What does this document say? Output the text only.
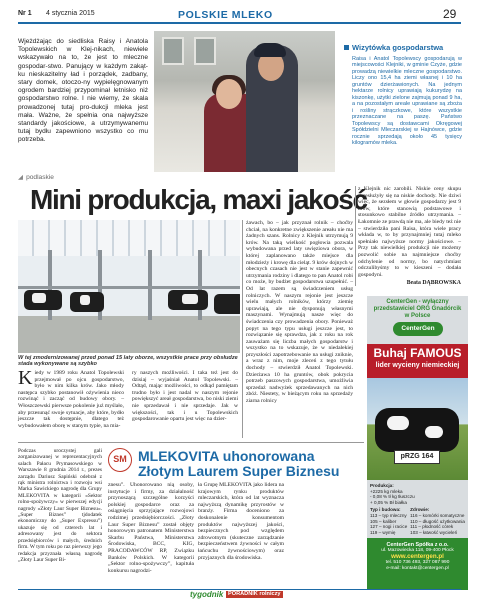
Nr 1 4 stycznia 2015	POLSKIE MLEKO	29
Wjeżdżając do siedliska Raisy i Anatola Topolewskich w Klej-nikach, niewiele wskazywało na to, że jest to mleczne gospodar-stwo. Panujący w każdym zakąt-ku nieskazitelny ład i porządek, zadbany, stary domek, otoczo-ny wypielęgnowanym ogrodem bardziej przypominał letnisko niż gospodarstwo rolne. I nie wiemy, że skala prowadzonej tutaj pro-dukcji mleka jest mała. Ważne, że spełnia ona najwyższe standardy jakościowe, a utrzymywanemu tutaj bydłu zapewniono wszystko co mu potrzeba.
Wizytówka gospodarstwa
Raisa i Anatol Topolewscy gospodarują w miejscowości Klejniki, w gminie Czyże, gdzie prowadzą niewielkie mleczne gospodarstwo. Liczy ono 15,4 ha ziemi własnej i 10 ha gruntów dzierżawionych. Na jednym hektarze rolnicy uprawiają kukurydzę na kiszonkę, użytki zielone zajmują ponad 9 ha, a na pozostałym areale uprawiane są zboża i rośliny strączkowe, które wszystkie przeznaczane na paszę. Państwo Topolewscy są dostawcami Okręgowej Spółdzielni Mleczarskiej w Hajnówce, gdzie rocznie sprzedają około 45 tysięcy kilogramów mleka.
◢ podlaskie
Mini produkcja, maxi jakość
W tej zmodernizowanej przed ponad 15 laty oborze, wszystkie prace przy obsłudze stada wykonywane są szybko
K iedy w 1989 roku Anatol Topolewski przejmował po ojcu gospodarstwo, było w nim kilka krów. Jako młody następca szybko postanowił ożywienia nieco rozwinąć i zacząć od budowy obory. – Włoszczewski pierwsze pokolenie już myślało, aby przesunąć swoje sytuacje, aby które, bydło jeszcze tak dostępnie, dlatego też wybudowałem oborę w stanym typie, na mia-
ry naszych możliwości. I taka też jest do dzisiaj – wyjaśniał Anatol Topolewski. – Odtąd, mając możliwości, to odkąd pamiętam trudno było i jest nadal w naszym rejonie powiększyć areał gospodarstwa, bo niski ziemi nie sprzedawał i nie sprzedaje. Jak w większości, tak i u Topolewskich gospodarowanie opartu jest więc na dzier-
żawach, bo – jak przyznał rolnik – choćby chciał, na konkretne zwiększenie areału nie ma żadnych szans. Rolnicy z Klejnik utrzymują 9 krów. Na taką wielkość pogłowia pozwala wybudowana przed laty uwięziowa obora, w której zaplanowano także miejsce dla młodzieży i krowę dla cieląt. 9 krów dojnych w obecnych czasach nie jest w stanie zapewnić utrzymania rodziny i dlatego to pan Anatol robi co może, by budżet gospodarstwa uzupełnić. – Od lat razem są świadczeniem usług rolniczych. W naszym rejonie jest jeszcze wielu małych rolników, którzy ziemię uprawiają, ale nie dysponują własnymi maszynami. Wynajmują nasze więc do świadczenia czy prowadzenia obory. Ponieważ popyt na tego typu usługi jeszcze jest, to rozwiązanie się sprawdza, jak z roku na rok zauważam się liczba małych gospodarstw i wszystko na to wskazuje, że w niedalekiej przyszłości zapotrzebowanie na usługi zniknie, a wraz z nim, moje zleceń z tego tytułu dochody – stwierdził Anatol Topolewski. Dzierżawa 10 ha gruntów, obok pokrycia potrzeb paszowych gospodarstwa, umożliwia sprzedaż nadwyżek sprzedawanych na nich zbóż. Niestety, w bieżącym roku na sprzedaży ziarna rolnicy
z Klejnik nic zarobili. Niskie ceny skupu przesłużyły się na niskie dochody. Nie dziwi więc, że sezsłem w głowie gospodarzy jest 9 krów, które stanowią podstawowe i stosunkowo stabilne źródło utrzymania. – Łakomnie ze prawdą nie ma, ale biedy też nie – stwierdziła pani Raisa, która wiele pracy wkłada w, to by przynajmniej tutaj mleko spełniało najwyższe normy jakościowe. – Przy tak niewielkiej produkcji nie możemy pozwolić sobie na najmniejsze choćby odchylenie od normy, bo natychmiast odczulibyśmy to w kieszeni – dodała gospodyni.
Beata DĄBROWSKA
CenterGen - wyłączny
przedstawiciel ORG Gnadórcik
w Polsce
CenterGen
Buhaj FAMOUS
lider wycieny niemieckiej
pRZG 164
Produkcja:
+2225 kg mleka
- 0,08 % tł kg tłuszczu
+ 0,05 % Bł białka
Typ i budowa:
113 – typ mleczny
105 – kaliber
127 – nogi i racice
119 – wymię
Zdrowie:
116 – komórki somatyczne
110 – długość użytkowania
111 – płodność córek
103 – łatwość wycieleń
CenterGen Spółka z o.o.
ul. Mazowiecka 118, 09-400 Płock
www.centergen.pl
tel. 510 736 493, 327 087 990
e-mail: kontakt@centergen.pl
Podczas uroczystej gali zorganizowanej w reprezentacyjnych salach Pałacu Prymasowskiego w Warszawie 8 grudnia 2014 r., prezes zarządu Dariusz Sapiński odebrał z rąk ministra rolnictwa i rozwoju wsi Marka Sawickiego nagrodę dla Grupy MLEKOVITA w kategorii »Sektor rolno-spożywczy« w pierwszej edycji nagrody »Złoty Laur Super Biznesu«. „Super Biznes” tjdodatek ekonomiczny do „Super Expressu”) ukazuje się od czterech lat i adresowany jest do sektora przedsiębiorców i małych, średnich firm. W tym roku po raz pierwszy jego redakcja przyznała własną nagrodę „Złoty Laur Super Bi-
SM MLEKOVITA uhonorowana Złotym Laurem Super Biznesu
znesu”. Uhonorowano nią osoby, instytucje i firmy, za działalność przynoszącą szczególne korzyści polskiej gospodarce oraz za osiągnięcia sprzyjające rozwojowi rodzimej przedsiębiorczości. „Złoty Laur Super Biznesu” został objęty honorowym patronatem Ministerstwa Skarbu Państwa, Ministerstwa Środowiska, BCC, KIG, PRACODAWCÓW RP, Związku Banków Polskich. W kategorii „Sektor rolno-spożywczy”, kapituła konkursu nagrodzi-
ła Grupę MLEKOVITA jako lidera na krajowym rynku produktów mleczarskich, która od lat wyznacza najwyższą dynamikę przyrostów w branży. Firma doceniono za doskonalenie konsumentom produktów najwyższej jakości, bezpiecznych pod względem zdrowotnym (skuteczne zarządzanie bezpieczeństwem żywności w całym łańcuchu żywnościowym) oraz przyjaznych dla środowiska.
tygodnik PORADNIK rolniczy
